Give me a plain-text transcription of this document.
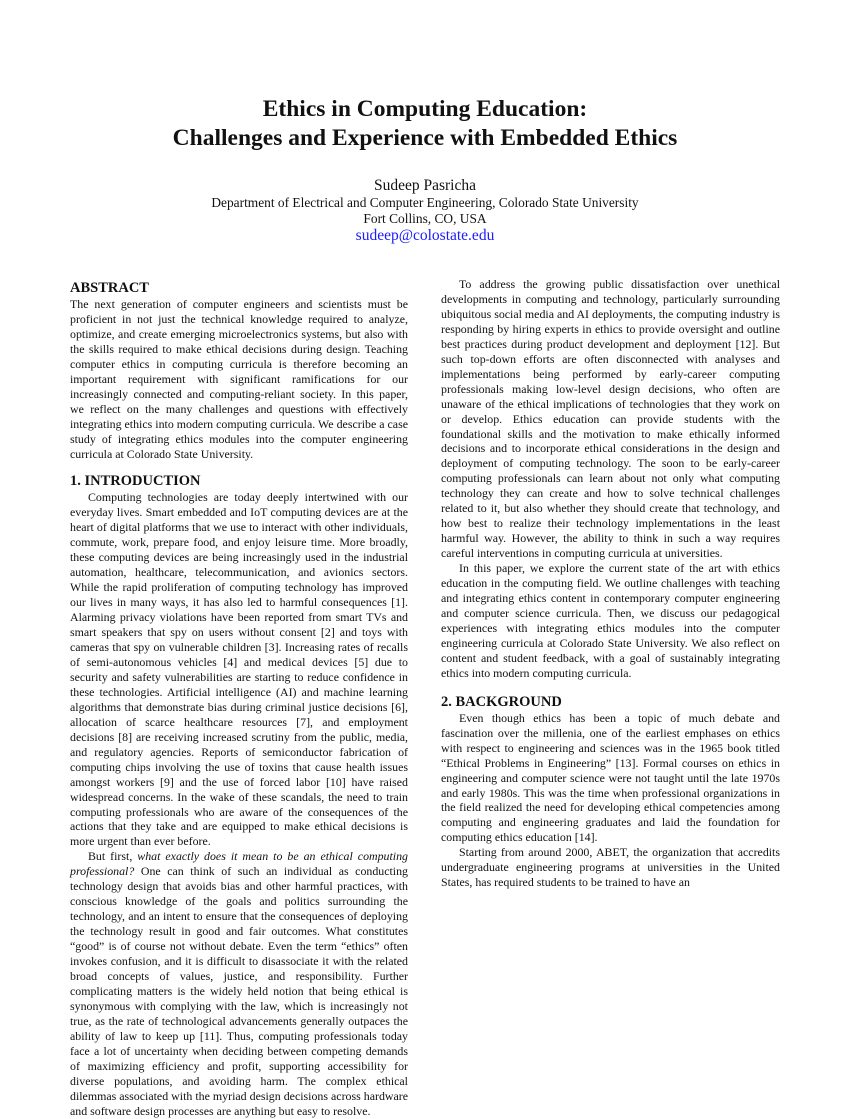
Ethics in Computing Education:
Challenges and Experience with Embedded Ethics
Sudeep Pasricha
Department of Electrical and Computer Engineering, Colorado State University
Fort Collins, CO, USA
sudeep@colostate.edu
ABSTRACT

The next generation of computer engineers and scientists must be proficient in not just the technical knowledge required to analyze, optimize, and create emerging microelectronics systems, but also with the skills required to make ethical decisions during design. Teaching computer ethics in computing curricula is therefore becoming an important requirement with significant ramifications for our increasingly connected and computing-reliant society. In this paper, we reflect on the many challenges and questions with effectively integrating ethics into modern computing curricula. We describe a case study of integrating ethics modules into the computer engineering curricula at Colorado State University.

1. INTRODUCTION

Computing technologies are today deeply intertwined with our everyday lives. Smart embedded and IoT computing devices are at the heart of digital platforms that we use to interact with other individuals, commute, work, prepare food, and enjoy leisure time. More broadly, these computing devices are being increasingly used in the industrial automation, healthcare, telecommunication, and avionics sectors. While the rapid proliferation of computing technology has improved our lives in many ways, it has also led to harmful consequences [1]. Alarming privacy violations have been reported from smart TVs and smart speakers that spy on users without consent [2] and toys with cameras that spy on vulnerable children [3]. Increasing rates of recalls of semi-autonomous vehicles [4] and medical devices [5] due to security and safety vulnerabilities are starting to reduce confidence in these technologies. Artificial intelligence (AI) and machine learning algorithms that demonstrate bias during criminal justice decisions [6], allocation of scarce healthcare resources [7], and employment decisions [8] are receiving increased scrutiny from the public, media, and regulatory agencies. Reports of semiconductor fabrication of computing chips involving the use of toxins that cause health issues amongst workers [9] and the use of forced labor [10] have raised widespread concerns. In the wake of these scandals, the need to train computing professionals who are aware of the consequences of the actions that they take and are equipped to make ethical decisions is more urgent than ever before.

But first, what exactly does it mean to be an ethical computing professional? One can think of such an individual as conducting technology design that avoids bias and other harmful practices, with conscious knowledge of the goals and politics surrounding the technology, and an intent to ensure that the consequences of deploying the technology result in good and fair outcomes. What constitutes “good” is of course not without debate. Even the term “ethics” often invokes confusion, and it is difficult to disassociate it with the related broad concepts of values, justice, and responsibility. Further complicating matters is the widely held notion that being ethical is synonymous with complying with the law, which is increasingly not true, as the rate of technological advancements generally outpaces the ability of law to keep up [11]. Thus, computing professionals today face a lot of uncertainty when deciding between competing demands of maximizing efficiency and profit, supporting accessibility for diverse populations, and avoiding harm. The complex ethical dilemmas associated with the myriad design decisions across hardware and software design processes are anything but easy to resolve.

To address the growing public dissatisfaction over unethical developments in computing and technology, particularly surrounding ubiquitous social media and AI deployments, the computing industry is responding by hiring experts in ethics to provide oversight and outline best practices during product development and deployment [12]. But such top-down efforts are often disconnected with analyses and implementations being performed by early-career computing professionals making low-level design decisions, who often are unaware of the ethical implications of technologies that they work on or develop. Ethics education can provide students with the foundational skills and the motivation to make ethically informed decisions and to incorporate ethical considerations in the design and deployment of computing technology. The soon to be early-career computing professionals can learn about not only what computing technology they can create and how to solve technical challenges related to it, but also whether they should create that technology, and how best to realize their technology implementations in the least harmful way. However, the ability to think in such a way requires careful interventions in computing curricula at universities.

In this paper, we explore the current state of the art with ethics education in the computing field. We outline challenges with teaching and integrating ethics content in contemporary computer engineering and computer science curricula. Then, we discuss our pedagogical experiences with integrating ethics modules into the computer engineering curricula at Colorado State University. We also reflect on content and student feedback, with a goal of sustainably integrating ethics into modern computing curricula.

2. BACKGROUND

Even though ethics has been a topic of much debate and fascination over the millenia, one of the earliest emphases on ethics with respect to engineering and sciences was in the 1965 book titled “Ethical Problems in Engineering” [13]. Formal courses on ethics in engineering and computer science were not taught until the late 1970s and early 1980s. This was the time when professional organizations in the field realized the need for developing ethical competencies among computing and engineering graduates and laid the foundation for computing ethics education [14].

Starting from around 2000, ABET, the organization that accredits undergraduate engineering programs at universities in the United States, has required students to be trained to have an
